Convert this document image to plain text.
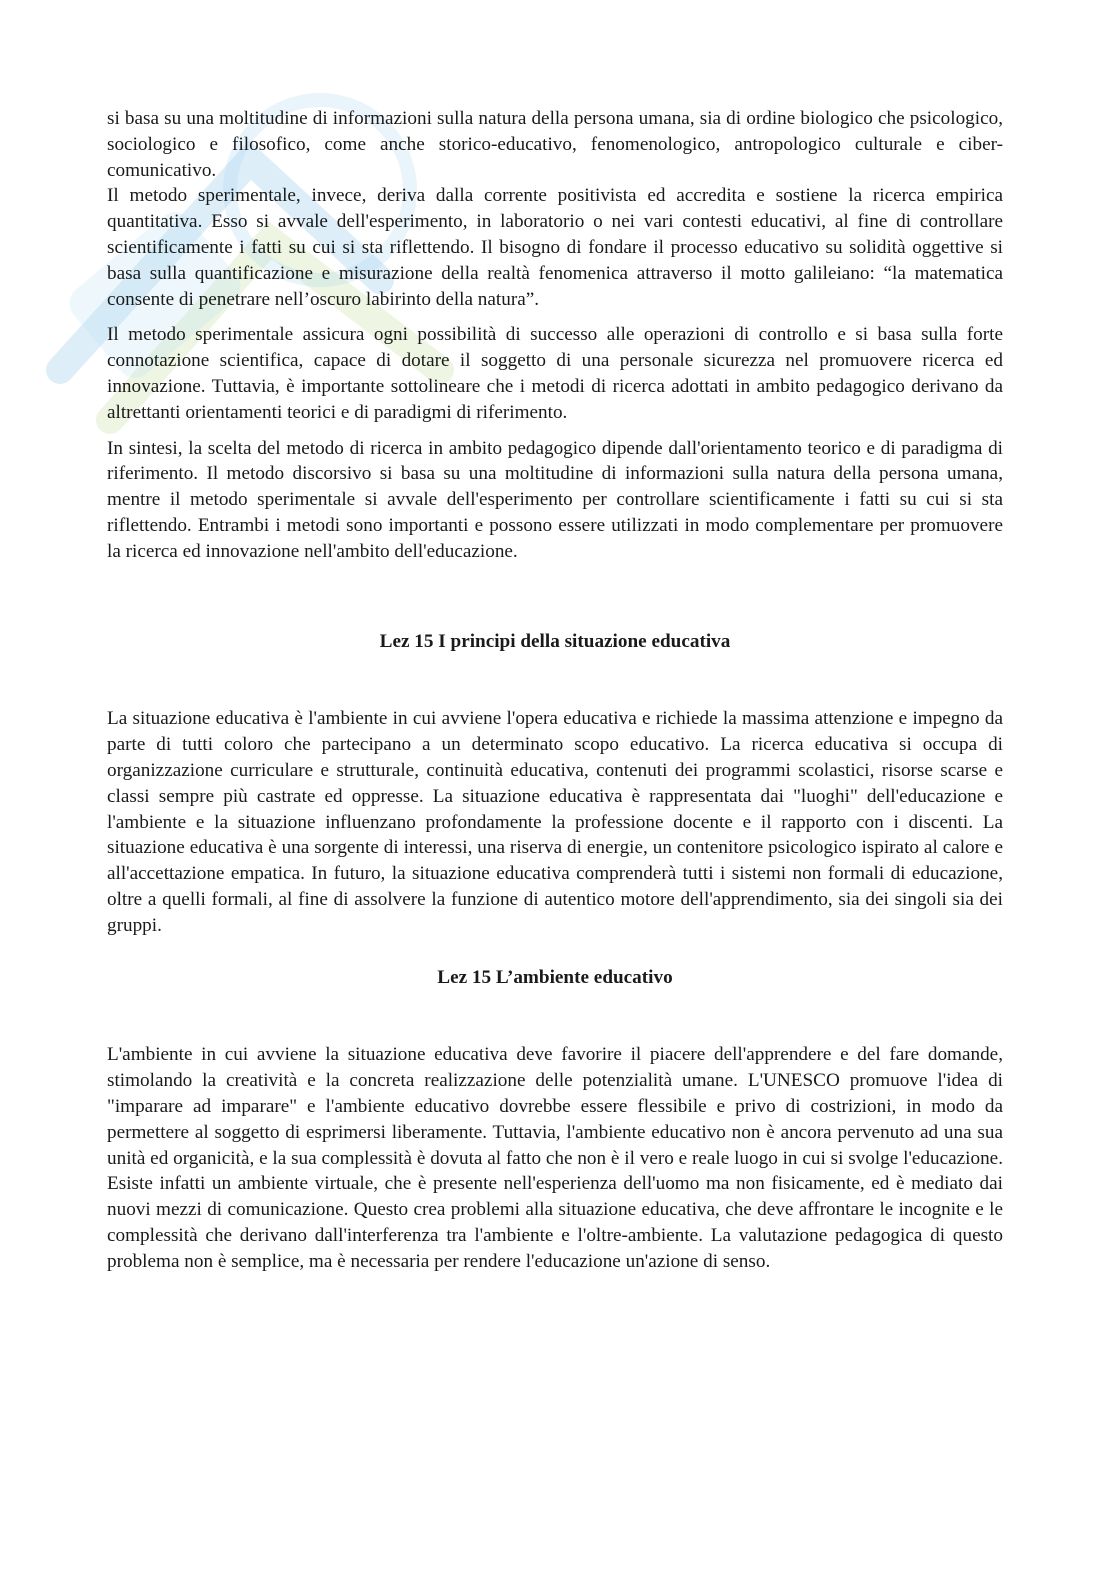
si basa su una moltitudine di informazioni sulla natura della persona umana, sia di ordine biologico che psicologico, sociologico e filosofico, come anche storico-educativo, fenomenologico, antropologico culturale e ciber-comunicativo.

Il metodo sperimentale, invece, deriva dalla corrente positivista ed accredita e sostiene la ricerca empirica quantitativa. Esso si avvale dell'esperimento, in laboratorio o nei vari contesti educativi, al fine di controllare scientificamente i fatti su cui si sta riflettendo. Il bisogno di fondare il processo educativo su solidità oggettive si basa sulla quantificazione e misurazione della realtà fenomenica attraverso il motto galileiano: “la matematica consente di penetrare nell’oscuro labirinto della natura”.

Il metodo sperimentale assicura ogni possibilità di successo alle operazioni di controllo e si basa sulla forte connotazione scientifica, capace di dotare il soggetto di una personale sicurezza nel promuovere ricerca ed innovazione. Tuttavia, è importante sottolineare che i metodi di ricerca adottati in ambito pedagogico derivano da altrettanti orientamenti teorici e di paradigmi di riferimento.

In sintesi, la scelta del metodo di ricerca in ambito pedagogico dipende dall'orientamento teorico e di paradigma di riferimento. Il metodo discorsivo si basa su una moltitudine di informazioni sulla natura della persona umana, mentre il metodo sperimentale si avvale dell'esperimento per controllare scientificamente i fatti su cui si sta riflettendo. Entrambi i metodi sono importanti e possono essere utilizzati in modo complementare per promuovere la ricerca ed innovazione nell'ambito dell'educazione.

Lez 15 I principi della situazione educativa

La situazione educativa è l'ambiente in cui avviene l'opera educativa e richiede la massima attenzione e impegno da parte di tutti coloro che partecipano a un determinato scopo educativo. La ricerca educativa si occupa di organizzazione curriculare e strutturale, continuità educativa, contenuti dei programmi scolastici, risorse scarse e classi sempre più castrate ed oppresse. La situazione educativa è rappresentata dai "luoghi" dell'educazione e l'ambiente e la situazione influenzano profondamente la professione docente e il rapporto con i discenti. La situazione educativa è una sorgente di interessi, una riserva di energie, un contenitore psicologico ispirato al calore e all'accettazione empatica. In futuro, la situazione educativa comprenderà tutti i sistemi non formali di educazione, oltre a quelli formali, al fine di assolvere la funzione di autentico motore dell'apprendimento, sia dei singoli sia dei gruppi.

Lez 15 L’ambiente educativo

L'ambiente in cui avviene la situazione educativa deve favorire il piacere dell'apprendere e del fare domande, stimolando la creatività e la concreta realizzazione delle potenzialità umane. L'UNESCO promuove l'idea di "imparare ad imparare" e l'ambiente educativo dovrebbe essere flessibile e privo di costrizioni, in modo da permettere al soggetto di esprimersi liberamente. Tuttavia, l'ambiente educativo non è ancora pervenuto ad una sua unità ed organicità, e la sua complessità è dovuta al fatto che non è il vero e reale luogo in cui si svolge l'educazione. Esiste infatti un ambiente virtuale, che è presente nell'esperienza dell'uomo ma non fisicamente, ed è mediato dai nuovi mezzi di comunicazione. Questo crea problemi alla situazione educativa, che deve affrontare le incognite e le complessità che derivano dall'interferenza tra l'ambiente e l'oltre-ambiente. La valutazione pedagogica di questo problema non è semplice, ma è necessaria per rendere l'educazione un'azione di senso.
